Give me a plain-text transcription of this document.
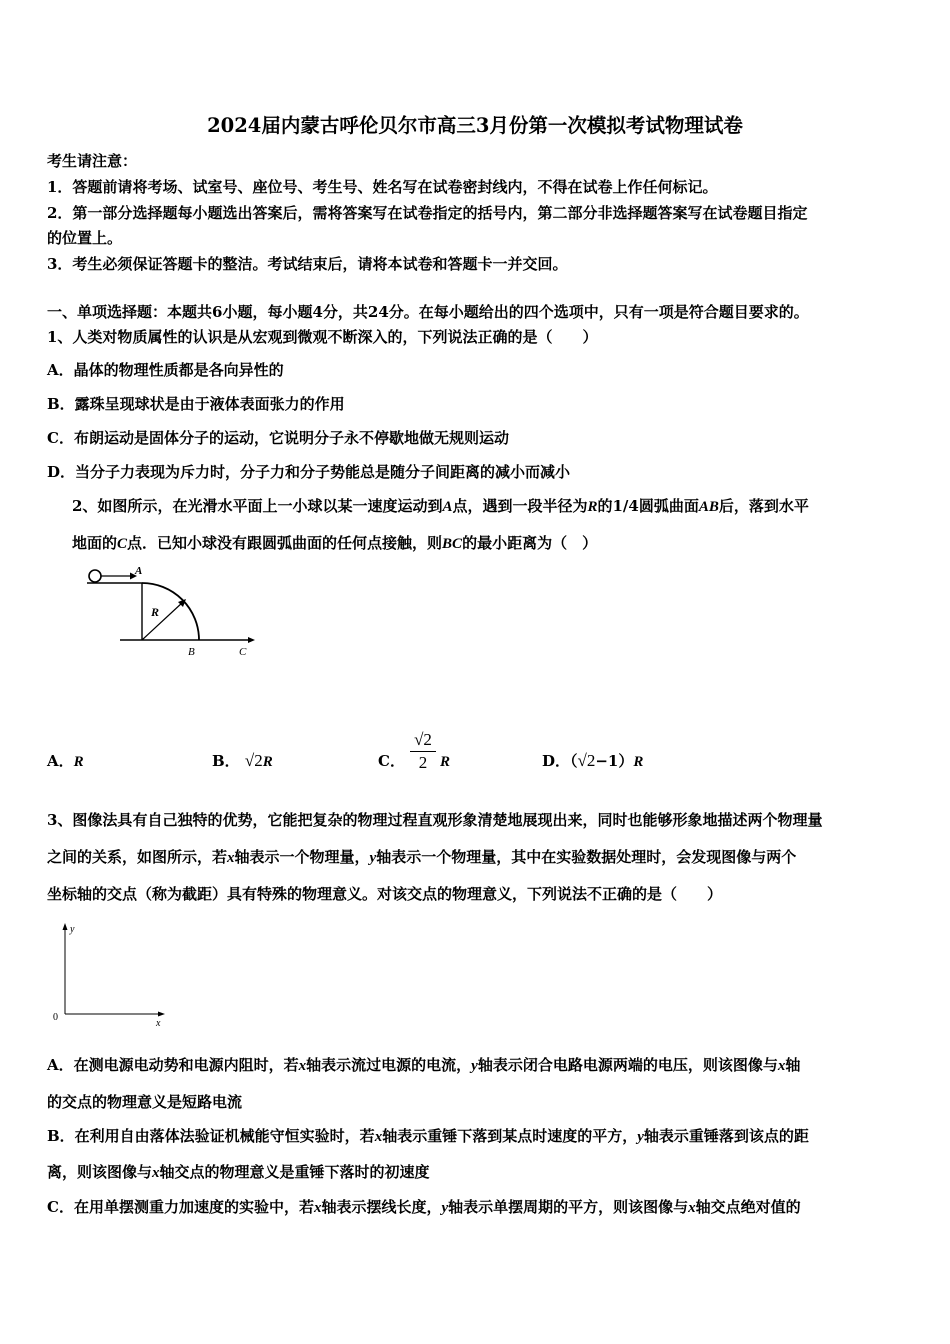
2024届内蒙古呼伦贝尔市高三3月份第一次模拟考试物理试卷
考生请注意：
1．答题前请将考场、试室号、座位号、考生号、姓名写在试卷密封线内，不得在试卷上作任何标记。
2．第一部分选择题每小题选出答案后，需将答案写在试卷指定的括号内，第二部分非选择题答案写在试卷题目指定
的位置上。
3．考生必须保证答题卡的整洁。考试结束后，请将本试卷和答题卡一并交回。
一、单项选择题：本题共6小题，每小题4分，共24分。在每小题给出的四个选项中，只有一项是符合题目要求的。
1、人类对物质属性的认识是从宏观到微观不断深入的，下列说法正确的是（　　）
A．晶体的物理性质都是各向异性的
B．露珠呈现球状是由于液体表面张力的作用
C．布朗运动是固体分子的运动，它说明分子永不停歇地做无规则运动
D．当分子力表现为斥力时，分子力和分子势能总是随分子间距离的减小而减小
2、如图所示，在光滑水平面上一小球以某一速度运动到A点，遇到一段半径为R的1/4圆弧曲面AB后，落到水平
地面的C点．已知小球没有跟圆弧曲面的任何点接触，则BC的最小距离为（　）
A
R
B	C
A．R	B． √2R	C．
√2
2 R	D．（√2−1）R
3、图像法具有自己独特的优势，它能把复杂的物理过程直观形象清楚地展现出来，同时也能够形象地描述两个物理量
之间的关系，如图所示，若x轴表示一个物理量，y轴表示一个物理量，其中在实验数据处理时，会发现图像与两个
坐标轴的交点（称为截距）具有特殊的物理意义。对该交点的物理意义，下列说法不正确的是（　　）
y
x
0
A．在测电源电动势和电源内阻时，若x轴表示流过电源的电流，y轴表示闭合电路电源两端的电压，则该图像与x轴
的交点的物理意义是短路电流
B．在利用自由落体法验证机械能守恒实验时，若x轴表示重锤下落到某点时速度的平方，y轴表示重锤落到该点的距
离，则该图像与x轴交点的物理意义是重锤下落时的初速度
C．在用单摆测重力加速度的实验中，若x轴表示摆线长度，y轴表示单摆周期的平方，则该图像与x轴交点绝对值的
